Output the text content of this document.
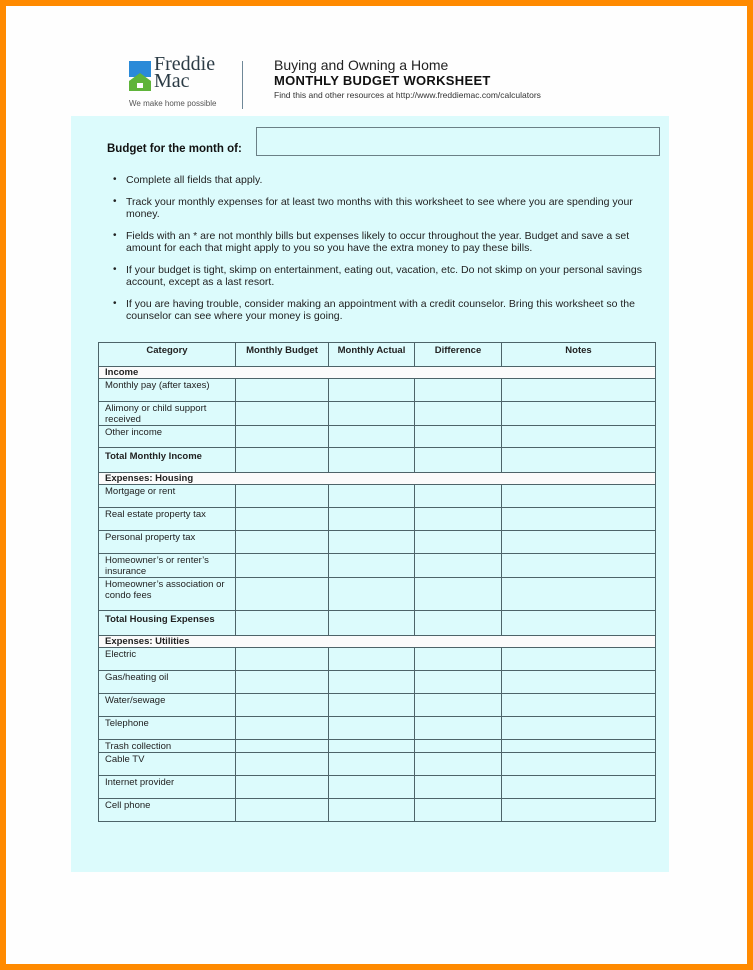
Freddie
Mac
We make home possible
Buying and Owning a Home
MONTHLY BUDGET WORKSHEET
Find this and other resources at http://www.freddiemac.com/calculators
Budget for the month of:
• Complete all fields that apply.
• Track your monthly expenses for at least two months with this worksheet to see where you are spending your money.
• Fields with an * are not monthly bills but expenses likely to occur throughout the year. Budget and save a set amount for each that might apply to you so you have the extra money to pay these bills.
• If your budget is tight, skimp on entertainment, eating out, vacation, etc. Do not skimp on your personal savings account, except as a last resort.
• If you are having trouble, consider making an appointment with a credit counselor. Bring this worksheet so the counselor can see where your money is going.
Category	Monthly Budget	Monthly Actual	Difference	Notes
Income				
Monthly pay (after taxes)				
Alimony or child support received				
Other income				
Total Monthly Income				
Expenses: Housing				
Mortgage or rent				
Real estate property tax				
Personal property tax				
Homeowner’s or renter’s insurance				
Homeowner’s association or condo fees				
Total Housing Expenses				
Expenses: Utilities				
Electric				
Gas/heating oil				
Water/sewage				
Telephone				
Trash collection				
Cable TV				
Internet provider				
Cell phone				
